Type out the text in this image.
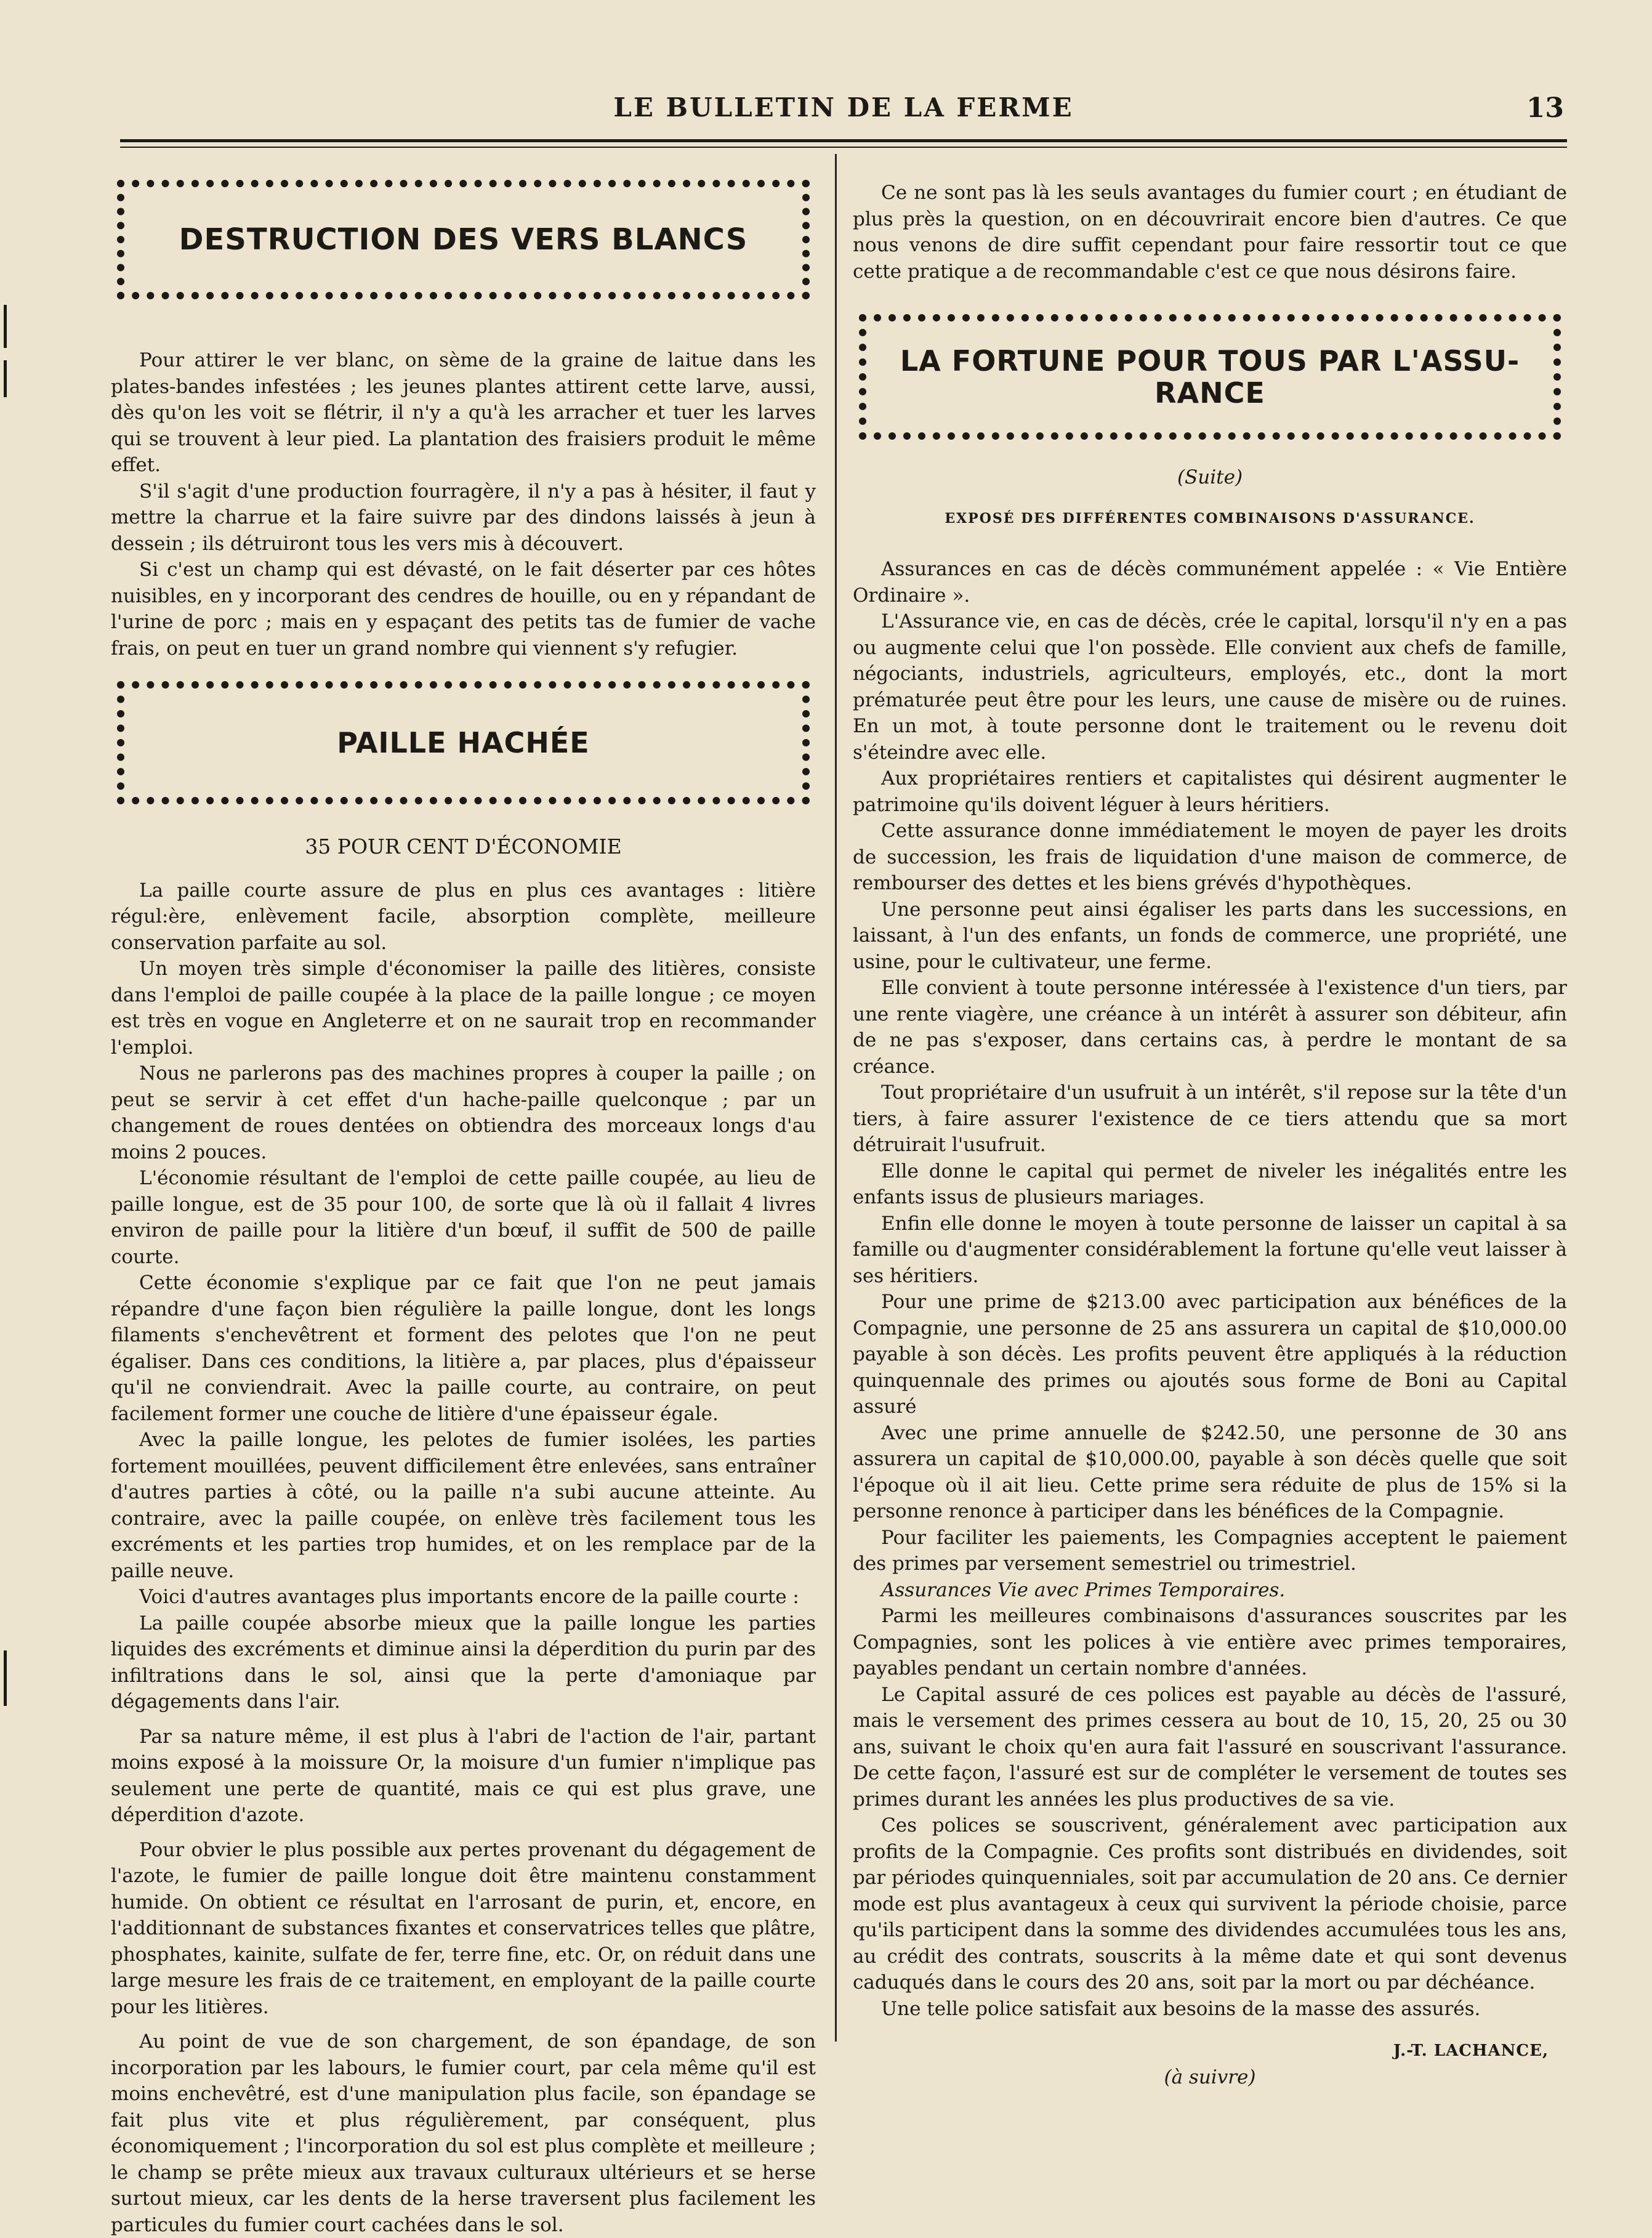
LE BULLETIN DE LA FERME	13
DESTRUCTION DES VERS BLANCS

Pour attirer le ver blanc, on sème de la graine de laitue dans les plates-bandes infestées ; les jeunes plantes attirent cette larve, aussi, dès qu'on les voit se flétrir, il n'y a qu'à les arracher et tuer les larves qui se trouvent à leur pied. La plantation des fraisiers produit le même effet.

S'il s'agit d'une production fourragère, il n'y a pas à hésiter, il faut y mettre la charrue et la faire suivre par des dindons laissés à jeun à dessein ; ils détruiront tous les vers mis à découvert.

Si c'est un champ qui est dévasté, on le fait déserter par ces hôtes nuisibles, en y incorporant des cendres de houille, ou en y répandant de l'urine de porc ; mais en y espaçant des petits tas de fumier de vache frais, on peut en tuer un grand nombre qui viennent s'y refugier.

PAILLE HACHÉE

35 POUR CENT D'ÉCONOMIE

La paille courte assure de plus en plus ces avantages : litière régul:ère, enlèvement facile, absorption complète, meilleure conservation parfaite au sol.

Un moyen très simple d'économiser la paille des litières, consiste dans l'emploi de paille coupée à la place de la paille longue ; ce moyen est très en vogue en Angleterre et on ne saurait trop en recommander l'emploi.

Nous ne parlerons pas des machines propres à couper la paille ; on peut se servir à cet effet d'un hache-paille quelconque ; par un changement de roues dentées on obtiendra des morceaux longs d'au moins 2 pouces.

L'économie résultant de l'emploi de cette paille coupée, au lieu de paille longue, est de 35 pour 100, de sorte que là où il fallait 4 livres environ de paille pour la litière d'un bœuf, il suffit de 500 de paille courte.

Cette économie s'explique par ce fait que l'on ne peut jamais répandre d'une façon bien régulière la paille longue, dont les longs filaments s'enchevêtrent et forment des pelotes que l'on ne peut égaliser. Dans ces conditions, la litière a, par places, plus d'épaisseur qu'il ne conviendrait. Avec la paille courte, au contraire, on peut facilement former une couche de litière d'une épaisseur égale.

Avec la paille longue, les pelotes de fumier isolées, les parties fortement mouillées, peuvent difficilement être enlevées, sans entraîner d'autres parties à côté, ou la paille n'a subi aucune atteinte. Au contraire, avec la paille coupée, on enlève très facilement tous les excréments et les parties trop humides, et on les remplace par de la paille neuve.

Voici d'autres avantages plus importants encore de la paille courte :

La paille coupée absorbe mieux que la paille longue les parties liquides des excréments et diminue ainsi la déperdition du purin par des infiltrations dans le sol, ainsi que la perte d'amoniaque par dégagements dans l'air.

Par sa nature même, il est plus à l'abri de l'action de l'air, partant moins exposé à la moissure Or, la moisure d'un fumier n'implique pas seulement une perte de quantité, mais ce qui est plus grave, une déperdition d'azote.

Pour obvier le plus possible aux pertes provenant du dégagement de l'azote, le fumier de paille longue doit être maintenu constamment humide. On obtient ce résultat en l'arrosant de purin, et, encore, en l'additionnant de substances fixantes et conservatrices telles que plâtre, phosphates, kainite, sulfate de fer, terre fine, etc. Or, on réduit dans une large mesure les frais de ce traitement, en employant de la paille courte pour les litières.

Au point de vue de son chargement, de son épandage, de son incorporation par les labours, le fumier court, par cela même qu'il est moins enchevêtré, est d'une manipulation plus facile, son épandage se fait plus vite et plus régulièrement, par conséquent, plus économiquement ; l'incorporation du sol est plus complète et meilleure ; le champ se prête mieux aux travaux culturaux ultérieurs et se herse surtout mieux, car les dents de la herse traversent plus facilement les particules du fumier court cachées dans le sol.

Ce ne sont pas là les seuls avantages du fumier court ; en étudiant de plus près la question, on en découvrirait encore bien d'autres. Ce que nous venons de dire suffit cependant pour faire ressortir tout ce que cette pratique a de recommandable c'est ce que nous désirons faire.

LA FORTUNE POUR TOUS PAR L'ASSU-
RANCE

(Suite)

EXPOSÉ DES DIFFÉRENTES COMBINAISONS D'ASSURANCE.

Assurances en cas de décès communément appelée : « Vie Entière Ordinaire ».

L'Assurance vie, en cas de décès, crée le capital, lorsqu'il n'y en a pas ou augmente celui que l'on possède. Elle convient aux chefs de famille, négociants, industriels, agriculteurs, employés, etc., dont la mort prématurée peut être pour les leurs, une cause de misère ou de ruines. En un mot, à toute personne dont le traitement ou le revenu doit s'éteindre avec elle.

Aux propriétaires rentiers et capitalistes qui désirent augmenter le patrimoine qu'ils doivent léguer à leurs héritiers.

Cette assurance donne immédiatement le moyen de payer les droits de succession, les frais de liquidation d'une maison de commerce, de rembourser des dettes et les biens grévés d'hypothèques.

Une personne peut ainsi égaliser les parts dans les successions, en laissant, à l'un des enfants, un fonds de commerce, une propriété, une usine, pour le cultivateur, une ferme.

Elle convient à toute personne intéressée à l'existence d'un tiers, par une rente viagère, une créance à un intérêt à assurer son débiteur, afin de ne pas s'exposer, dans certains cas, à perdre le montant de sa créance.

Tout propriétaire d'un usufruit à un intérêt, s'il repose sur la tête d'un tiers, à faire assurer l'existence de ce tiers attendu que sa mort détruirait l'usufruit.

Elle donne le capital qui permet de niveler les inégalités entre les enfants issus de plusieurs mariages.

Enfin elle donne le moyen à toute personne de laisser un capital à sa famille ou d'augmenter considérablement la fortune qu'elle veut laisser à ses héritiers.

Pour une prime de $213.00 avec participation aux bénéfices de la Compagnie, une personne de 25 ans assurera un capital de $10,000.00 payable à son décès. Les profits peuvent être appliqués à la réduction quinquennale des primes ou ajoutés sous forme de Boni au Capital assuré

Avec une prime annuelle de $242.50, une personne de 30 ans assurera un capital de $10,000.00, payable à son décès quelle que soit l'époque où il ait lieu. Cette prime sera réduite de plus de 15% si la personne renonce à participer dans les bénéfices de la Compagnie.

Pour faciliter les paiements, les Compagnies acceptent le paiement des primes par versement semestriel ou trimestriel.

Assurances Vie avec Primes Temporaires.

Parmi les meilleures combinaisons d'assurances souscrites par les Compagnies, sont les polices à vie entière avec primes temporaires, payables pendant un certain nombre d'années.

Le Capital assuré de ces polices est payable au décès de l'assuré, mais le versement des primes cessera au bout de 10, 15, 20, 25 ou 30 ans, suivant le choix qu'en aura fait l'assuré en souscrivant l'assurance. De cette façon, l'assuré est sur de compléter le versement de toutes ses primes durant les années les plus productives de sa vie.

Ces polices se souscrivent, généralement avec participation aux profits de la Compagnie. Ces profits sont distribués en dividendes, soit par périodes quinquenniales, soit par accumulation de 20 ans. Ce dernier mode est plus avantageux à ceux qui survivent la période choisie, parce qu'ils participent dans la somme des dividendes accumulées tous les ans, au crédit des contrats, souscrits à la même date et qui sont devenus caduqués dans le cours des 20 ans, soit par la mort ou par déchéance.

Une telle police satisfait aux besoins de la masse des assurés.

J.-T. LACHANCE,
(à suivre)
